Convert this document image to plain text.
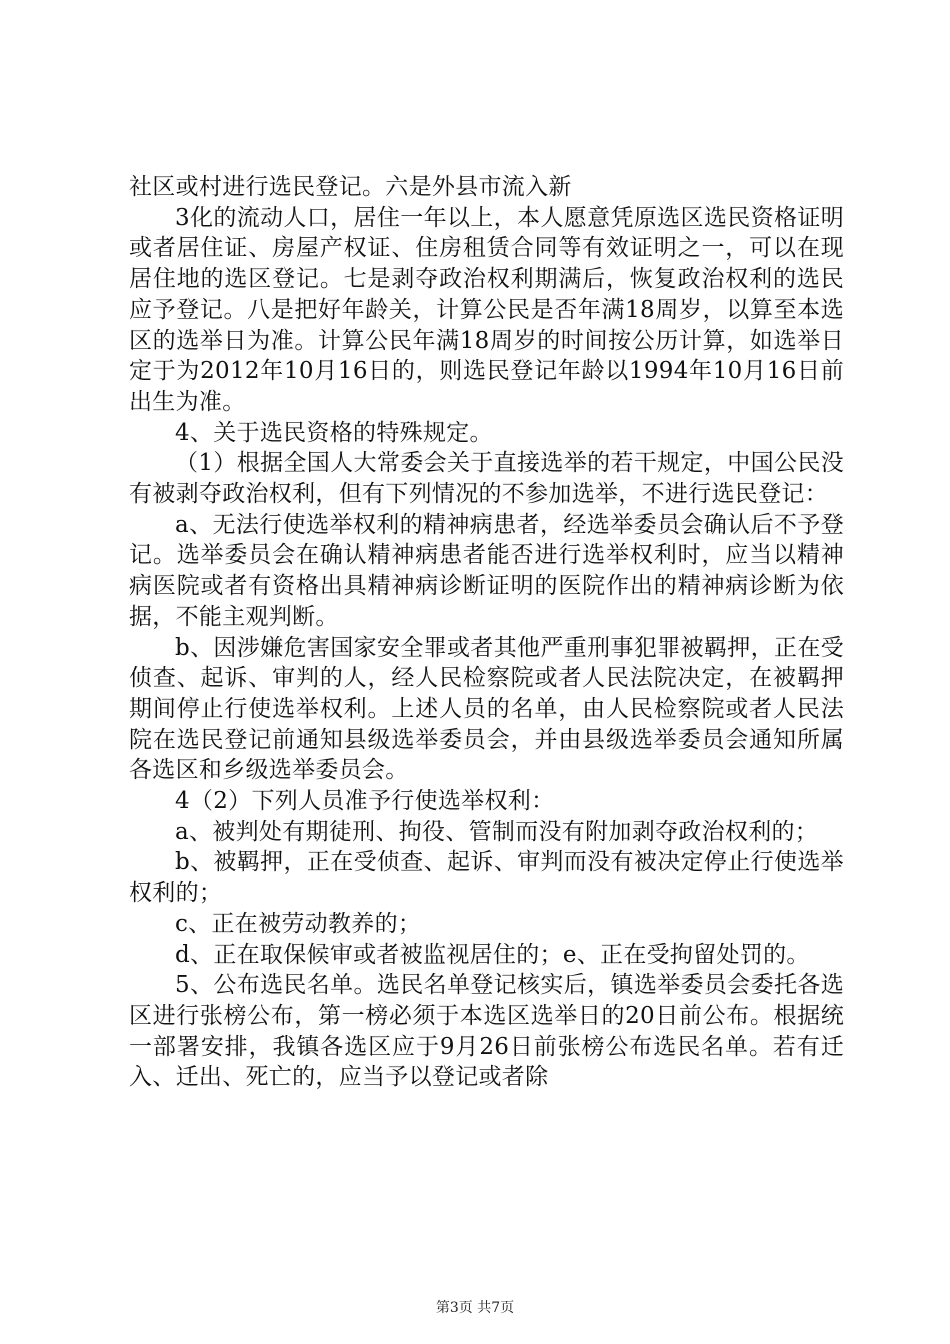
社区或村进行选民登记。六是外县市流入新

3化的流动人口，居住一年以上，本人愿意凭原选区选民资格证明或者居住证、房屋产权证、住房租赁合同等有效证明之一，可以在现居住地的选区登记。七是剥夺政治权利期满后，恢复政治权利的选民应予登记。八是把好年龄关，计算公民是否年满18周岁，以算至本选区的选举日为准。计算公民年满18周岁的时间按公历计算，如选举日定于为2012年10月16日的，则选民登记年龄以1994年10月16日前出生为准。

4、关于选民资格的特殊规定。

（1）根据全国人大常委会关于直接选举的若干规定，中国公民没有被剥夺政治权利，但有下列情况的不参加选举，不进行选民登记：

a、无法行使选举权利的精神病患者，经选举委员会确认后不予登记。选举委员会在确认精神病患者能否进行选举权利时，应当以精神病医院或者有资格出具精神病诊断证明的医院作出的精神病诊断为依据，不能主观判断。

b、因涉嫌危害国家安全罪或者其他严重刑事犯罪被羁押，正在受侦查、起诉、审判的人，经人民检察院或者人民法院决定，在被羁押期间停止行使选举权利。上述人员的名单，由人民检察院或者人民法院在选民登记前通知县级选举委员会，并由县级选举委员会通知所属各选区和乡级选举委员会。

4（2）下列人员准予行使选举权利：

a、被判处有期徒刑、拘役、管制而没有附加剥夺政治权利的；

b、被羁押，正在受侦查、起诉、审判而没有被决定停止行使选举权利的；

c、正在被劳动教养的；

d、正在取保候审或者被监视居住的；e、正在受拘留处罚的。

5、公布选民名单。选民名单登记核实后，镇选举委员会委托各选区进行张榜公布，第一榜必须于本选区选举日的20日前公布。根据统一部署安排，我镇各选区应于9月26日前张榜公布选民名单。若有迁入、迁出、死亡的，应当予以登记或者除

第3页 共7页
